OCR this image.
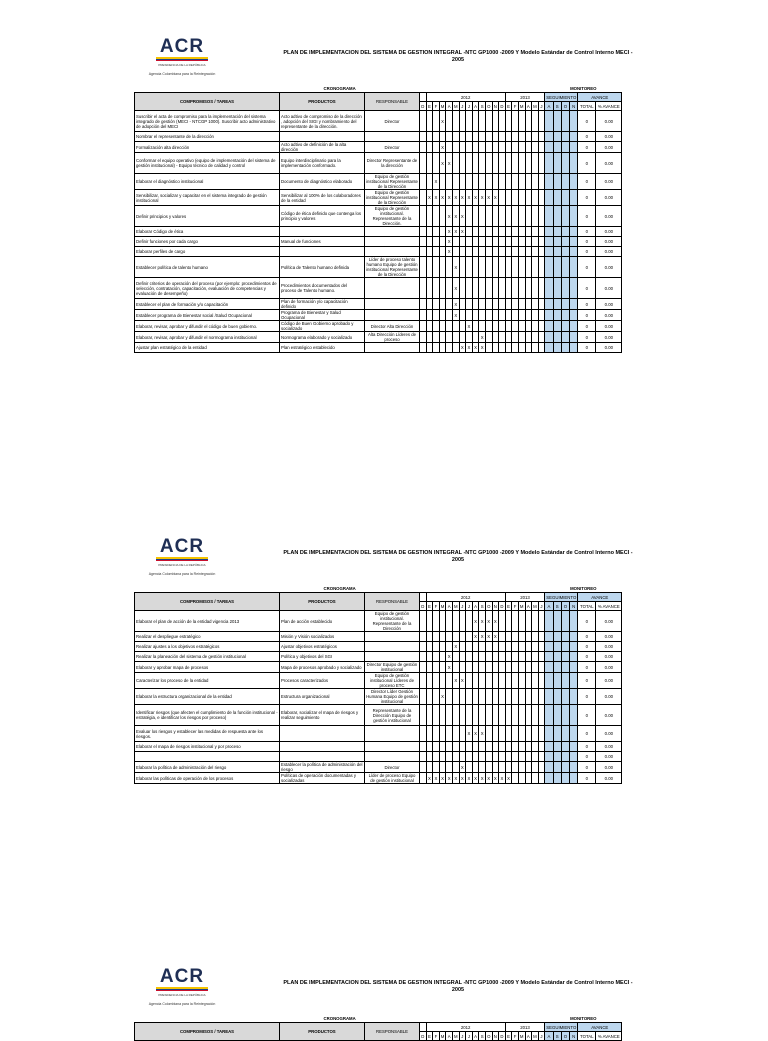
ACR
PRESIDENCIA DE LA REPÚBLICA
Agencia Colombiana para la Reintegración
PLAN DE IMPLEMENTACION DEL SISTEMA DE GESTION INTEGRAL -NTC GP1000 -2009 Y Modelo Estándar de Control Interno MECI - 2005
CRONOGRAMA																						MONITOREO					
COMPROMISOS / TAREAS	PRODUCTOS	RESPONSABLE		2012												2013						SEGUIMIENTO				AVANCE	
			D	E	F	M	A	M	J	J	A	S	O	N	D	E	F	M	A	M	J	A	S	O	N	TOTAL	% AVANCE
Suscribir el acta de compromiso para la implementación del sistema integrado de gestión (MECI - NTCGP 1000). Suscribir acto administrativo de adopción del MECI	Acto adtivo de compromiso de la dirección , adopción del SIGI y nombramiento del representante de la dirección.	Director				X																				0	0.00
Nombrar el representante de la dirección																										0	0.00
Formalización alta dirección	Acto adtivo de definición de la alta dirección	Director				X																				0	0.00
Conformar el equipo operativo (equipo de implementación del sistema de gestión institucional) - Equipo técnico de calidad y control	Equipo interdisciplinario para la implementación conformado.	Director Representante de la dirección				X	X																			0	0.00
Elaborar el diagnóstico institucional	Documento de diagnóstico elaborado	Equipo de gestión institucional Representante de la Dirección			X																					0	0.00
Sensibilizar, socializar y capacitar en el sistema integrado de gestión institucional	Sensibilizar al 100% de los colaboradores de la entidad	Equipo de gestión institucional Representante de la Dirección		X	X	X	X	X	X	X	X	X	X	X												0	0.00
Definir principios y valores	Código de ética definido que contenga los principio y valores	Equipo de gestión institucional. Representante de la Dirección.					X	X	X																	0	0.00
Elaborar Código de ética							X	X	X																	0	0.00
Definir funciones por cada cargo	Manual de funciones						X																			0	0.00
Elaborar perfiles de cargo							X																			0	0.00
Establecer política de talento humano	Política de Talento humano definida	Líder de proceso talento humano Equipo de gestión institucional Representante de la Dirección						X																		0	0.00
Definir criterios de operación del proceso (por ejemplo: procedimientos de selección, contratación, capacitación, evaluación de competencias y evaluación de desempeño)	Procedimientos documentados del proceso de Talento humano.							X																		0	0.00
Establecer el plan de formación y/o capacitación	Plan de formación y/o capacitación definido							X																		0	0.00
Establecer programa de Bienestar social /Salud Ocupacional	Programa de Bienestar y Salud Ocupacional							X																		0	0.00
Elaborar, revisar, aprobar y difundir el código de buen gobierno.	Código de Buen Gobierno aprobado y socializado	Director Alta Dirección								X																0	0.00
Elaborar, revisar, aprobar y difundir el normograma institucional	Normograma elaborado y socializado	Alta Dirección Líderes de proceso										X														0	0.00
Ajustar plan estratégico de la entidad	Plan estratégico establecido								X	X	X	X														0	0.00
ACR
PRESIDENCIA DE LA REPÚBLICA
Agencia Colombiana para la Reintegración
PLAN DE IMPLEMENTACION DEL SISTEMA DE GESTION INTEGRAL -NTC GP1000 -2009 Y Modelo Estándar de Control Interno MECI - 2005
CRONOGRAMA																						MONITOREO					
COMPROMISOS / TAREAS	PRODUCTOS	RESPONSABLE		2012												2013						SEGUIMIENTO				AVANCE	
			D	E	F	M	A	M	J	J	A	S	O	N	D	E	F	M	A	M	J	A	S	O	N	TOTAL	% AVANCE
Elaborar el plan de acción de la entidad vigencia 2013	Plan de acción establecido	Equipo de gestión institucional. Representante de la Dirección									X	X	X	X												0	0.00
Realizar el despliegue estratégico	Misión y Visión socializados										X	X	X	X												0	0.00
Realizar ajustes a los objetivos estratégicos	Ajustar objetivos estratégicos							X																		0	0.00
Realizar la planeación del sistema de gestión institucional	Política y objetivos del SGI						X																			0	0.00
Elaborar y aprobar mapa de procesos	Mapa de procesos aprobado y socializado	Director Equipo de gestión institucional					X																			0	0.00
Caracterizar los proceso de la entidad	Procesos caracterizados	Equipo de gestión institucional Líderes de proceso ETC						X	X																	0	0.00
Elaborar la estructura organizacional de la entidad	Estructura organizacional	Director Líder Gestión Humana Equipo de gestión institucional				X																				0	0.00
Identificar riesgos (que afecten el cumplimiento de la función institucional - estratégia, e identificar los riesgos por proceso)	Elaborar, socializar el mapa de riesgos y realizar seguimiento	Representante de la Dirección Equipo de gestión institucional																								0	0.00
Evaluar los riesgos y establecer las medidas de respuesta ante los riesgos.										X	X	X														0	0.00
Elaborar el mapa de riesgos institucional y por proceso																										0	0.00
																										0	0.00
Elaborar la política de administración del riesgo	Establecer la política de administración del riesgo	Director							X																	0	0.00
Elaborar las políticas de operación de los procesos	Políticas de operación documentadas y socializadas	Líder de proceso Equipo de gestión institucional		X	X	X	X	X	X	X	X	X	X	X	X	X										0	0.00
ACR
PRESIDENCIA DE LA REPÚBLICA
Agencia Colombiana para la Reintegración
PLAN DE IMPLEMENTACION DEL SISTEMA DE GESTION INTEGRAL -NTC GP1000 -2009 Y Modelo Estándar de Control Interno MECI - 2005
CRONOGRAMA																						MONITOREO					
COMPROMISOS / TAREAS	PRODUCTOS	RESPONSABLE		2012												2013						SEGUIMIENTO				AVANCE	
			D	E	F	M	A	M	J	J	A	S	O	N	D	E	F	M	A	M	J	A	S	O	N	TOTAL	% AVANCE
